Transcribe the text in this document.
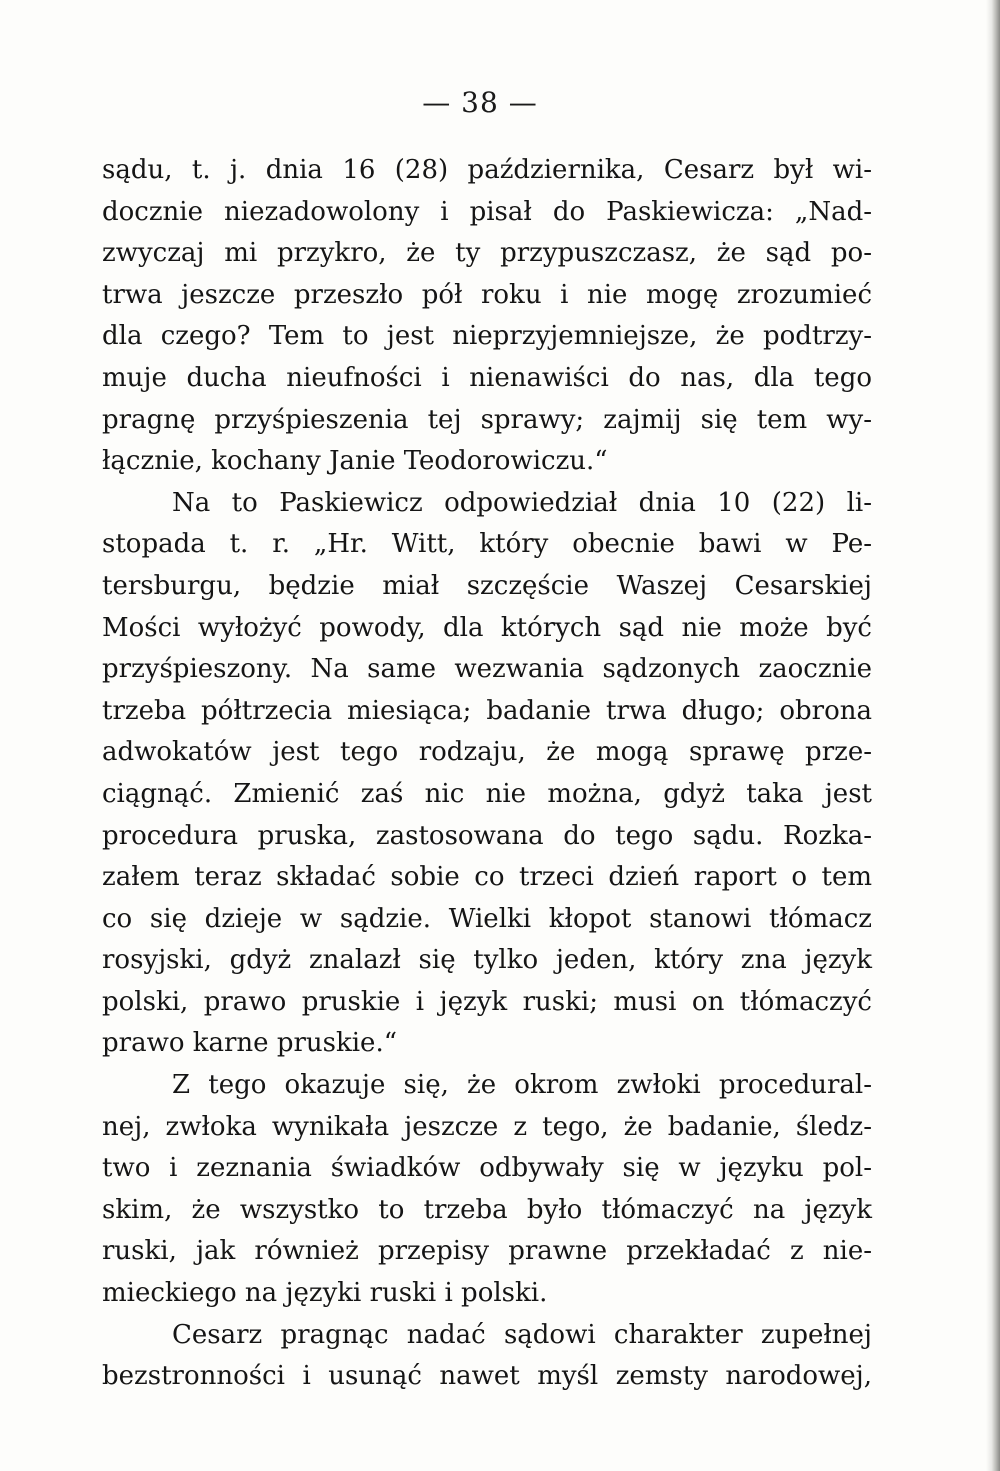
— 38 —
sądu, t. j. dnia 16 (28) października, Cesarz był wi-
docznie niezadowolony i pisał do Paskiewicza: „Nad-
zwyczaj mi przykro, że ty przypuszczasz, że sąd po-
trwa jeszcze przeszło pół roku i nie mogę zrozumieć
dla czego? Tem to jest nieprzyjemniejsze, że podtrzy-
muje ducha nieufności i nienawiści do nas, dla tego
pragnę przyśpieszenia tej sprawy; zajmij się tem wy-
łącznie, kochany Janie Teodorowiczu.“
Na to Paskiewicz odpowiedział dnia 10 (22) li-
stopada t. r. „Hr. Witt, który obecnie bawi w Pe-
tersburgu, będzie miał szczęście Waszej Cesarskiej
Mości wyłożyć powody, dla których sąd nie może być
przyśpieszony. Na same wezwania sądzonych zaocznie
trzeba półtrzecia miesiąca; badanie trwa długo; obrona
adwokatów jest tego rodzaju, że mogą sprawę prze-
ciągnąć. Zmienić zaś nic nie można, gdyż taka jest
procedura pruska, zastosowana do tego sądu. Rozka-
załem teraz składać sobie co trzeci dzień raport o tem
co się dzieje w sądzie. Wielki kłopot stanowi tłómacz
rosyjski, gdyż znalazł się tylko jeden, który zna język
polski, prawo pruskie i język ruski; musi on tłómaczyć
prawo karne pruskie.“
Z tego okazuje się, że okrom zwłoki procedural-
nej, zwłoka wynikała jeszcze z tego, że badanie, śledz-
two i zeznania świadków odbywały się w języku pol-
skim, że wszystko to trzeba było tłómaczyć na język
ruski, jak również przepisy prawne przekładać z nie-
mieckiego na języki ruski i polski.
Cesarz pragnąc nadać sądowi charakter zupełnej
bezstronności i usunąć nawet myśl zemsty narodowej,
